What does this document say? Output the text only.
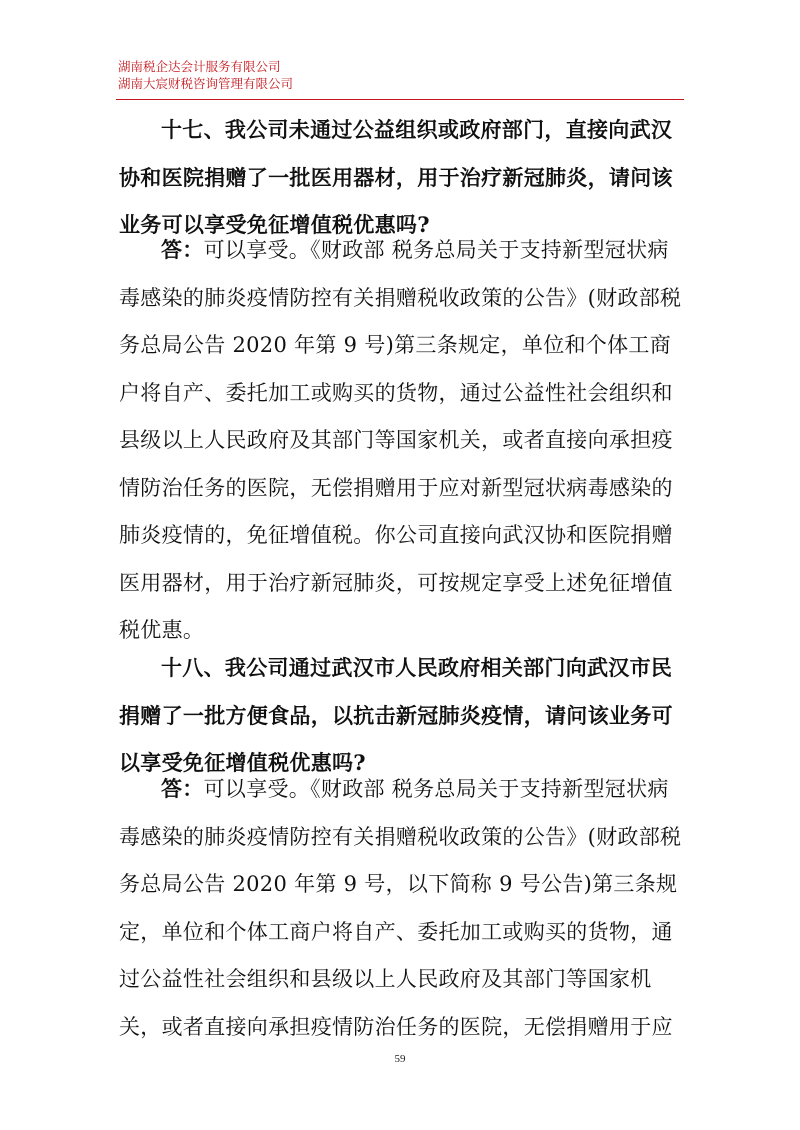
湖南税企达会计服务有限公司
湖南大宸财税咨询管理有限公司

十七、我公司未通过公益组织或政府部门，直接向武汉协和医院捐赠了一批医用器材，用于治疗新冠肺炎，请问该业务可以享受免征增值税优惠吗?

答：可以享受。《财政部 税务总局关于支持新型冠状病毒感染的肺炎疫情防控有关捐赠税收政策的公告》(财政部税务总局公告 2020 年第 9 号)第三条规定，单位和个体工商户将自产、委托加工或购买的货物，通过公益性社会组织和县级以上人民政府及其部门等国家机关，或者直接向承担疫情防治任务的医院，无偿捐赠用于应对新型冠状病毒感染的肺炎疫情的，免征增值税。你公司直接向武汉协和医院捐赠医用器材，用于治疗新冠肺炎，可按规定享受上述免征增值税优惠。

十八、我公司通过武汉市人民政府相关部门向武汉市民捐赠了一批方便食品，以抗击新冠肺炎疫情，请问该业务可以享受免征增值税优惠吗?

答：可以享受。《财政部 税务总局关于支持新型冠状病毒感染的肺炎疫情防控有关捐赠税收政策的公告》(财政部税务总局公告 2020 年第 9 号，以下简称 9 号公告)第三条规定，单位和个体工商户将自产、委托加工或购买的货物，通过公益性社会组织和县级以上人民政府及其部门等国家机关，或者直接向承担疫情防治任务的医院，无偿捐赠用于应

59
